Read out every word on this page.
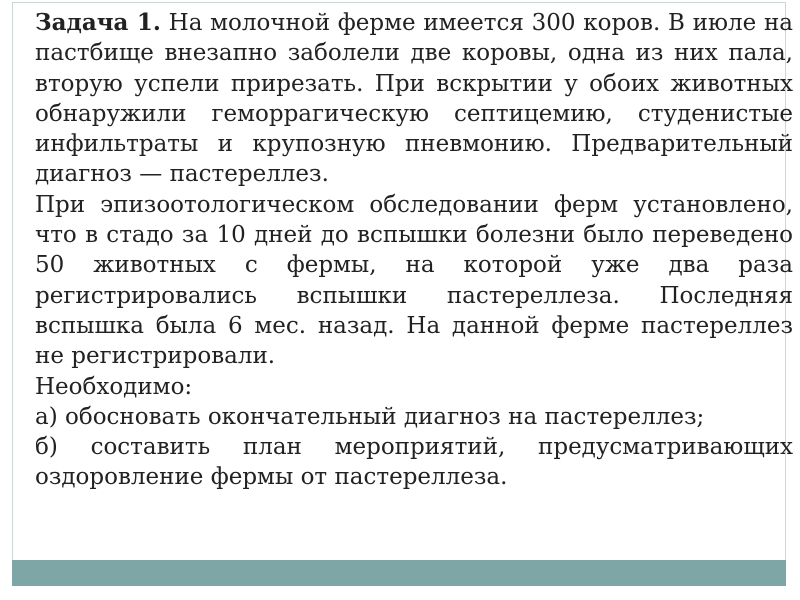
Задача 1. На молочной ферме имеется 300 коров. В июле на пастбище внезапно заболели две коровы, одна из них пала, вторую успели прирезать. При вскрытии у обоих животных обнаружили геморрагическую септицемию, студенистые инфильтраты и крупозную пневмонию. Предварительный диагноз — пастереллез.

При эпизоотологическом обследовании ферм установлено, что в стадо за 10 дней до вспышки болезни было переведено 50 животных с фермы, на которой уже два раза регистрировались вспышки пастереллеза. Последняя вспышка была 6 мес. назад. На данной ферме пастереллез не регистрировали.

Необходимо:

а) обосновать окончательный диагноз на пастереллез;

б) составить план мероприятий, предусматривающих оздоровление фермы от пастереллеза.
